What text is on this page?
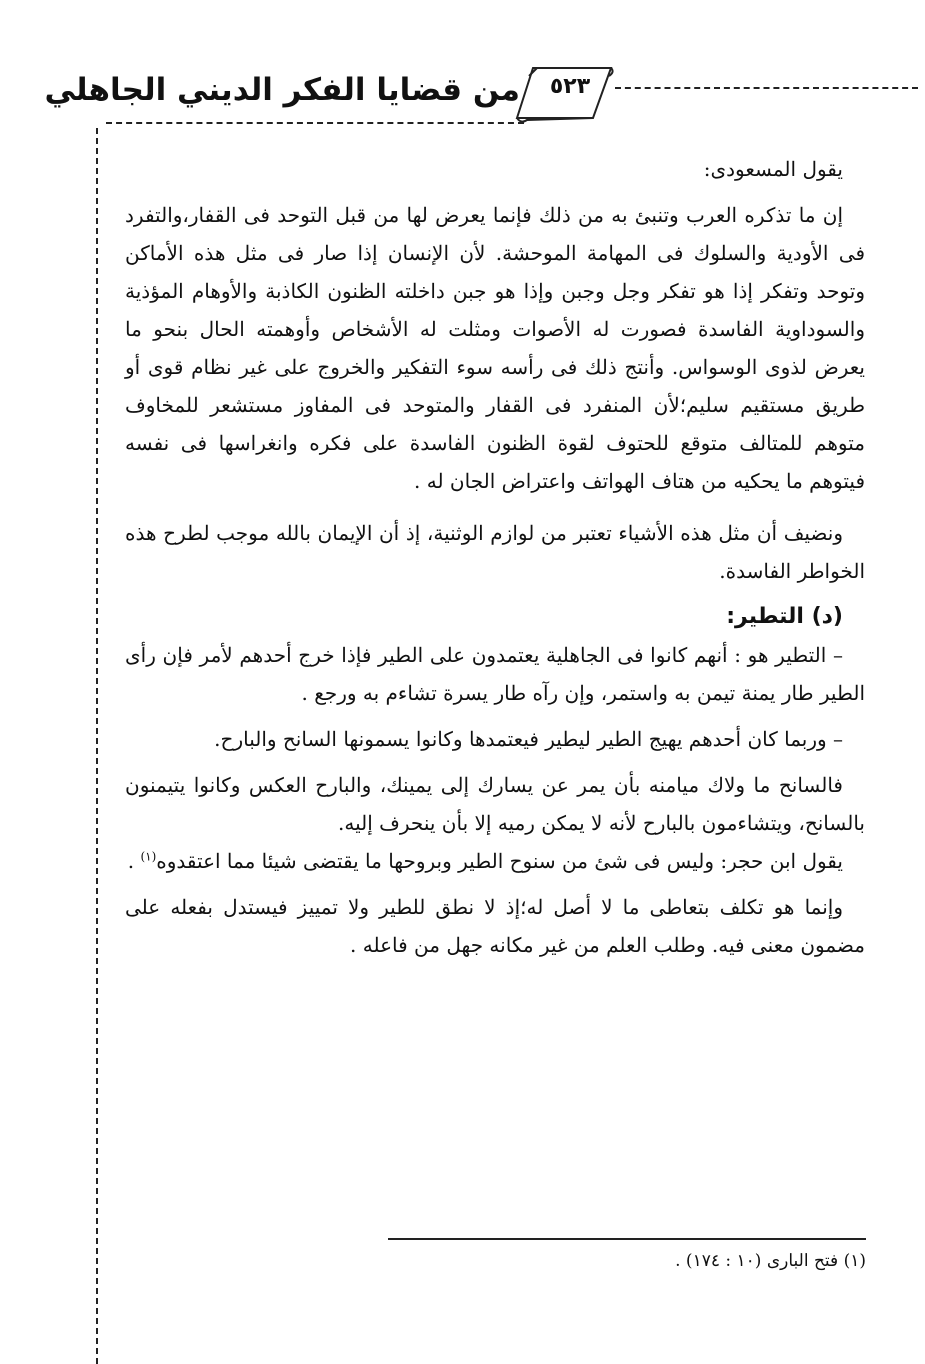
٥٢٣
من قضايا الفكر الديني الجاهلي

يقول المسعودى:

إن ما تذكره العرب وتنبئ به من ذلك فإنما يعرض لها من قبل التوحد فى القفار،والتفرد فى الأودية والسلوك فى المهامة الموحشة. لأن الإنسان إذا صار فى مثل هذه الأماكن وتوحد وتفكر إذا هو تفكر وجل وجبن وإذا هو جبن داخلته الظنون الكاذبة والأوهام المؤذية والسوداوية الفاسدة فصورت له الأصوات ومثلت له الأشخاص وأوهمته الحال بنحو ما يعرض لذوى الوسواس. وأنتج ذلك فى رأسه سوء التفكير والخروج على غير نظام قوى أو طريق مستقيم سليم؛لأن المنفرد فى القفار والمتوحد فى المفاوز مستشعر للمخاوف متوهم للمتالف متوقع للحتوف لقوة الظنون الفاسدة على فكره وانغراسها فى نفسه فيتوهم ما يحكيه من هتاف الهواتف واعتراض الجان له .

ونضيف أن مثل هذه الأشياء تعتبر من لوازم الوثنية، إذ أن الإيمان بالله موجب لطرح هذه الخواطر الفاسدة.

(د) التطير:

– التطير هو : أنهم كانوا فى الجاهلية يعتمدون على الطير فإذا خرج أحدهم لأمر فإن رأى الطير طار يمنة تيمن به واستمر، وإن رآه طار يسرة تشاءم به ورجع .

– وربما كان أحدهم يهيج الطير ليطير فيعتمدها وكانوا يسمونها السانح والبارح.

فالسانح ما ولاك ميامنه بأن يمر عن يسارك إلى يمينك، والبارح العكس وكانوا يتيمنون بالسانح، ويتشاءمون بالبارح لأنه لا يمكن رميه إلا بأن ينحرف إليه.

يقول ابن حجر: وليس فى شئ من سنوح الطير وبروحها ما يقتضى شيئا مما اعتقدوه$^{(١)}$ .

وإنما هو تكلف بتعاطى ما لا أصل له؛إذ لا نطق للطير ولا تمييز فيستدل بفعله على مضمون معنى فيه. وطلب العلم من غير مكانه جهل من فاعله .

(١) فتح البارى (١٠ : ١٧٤) .
